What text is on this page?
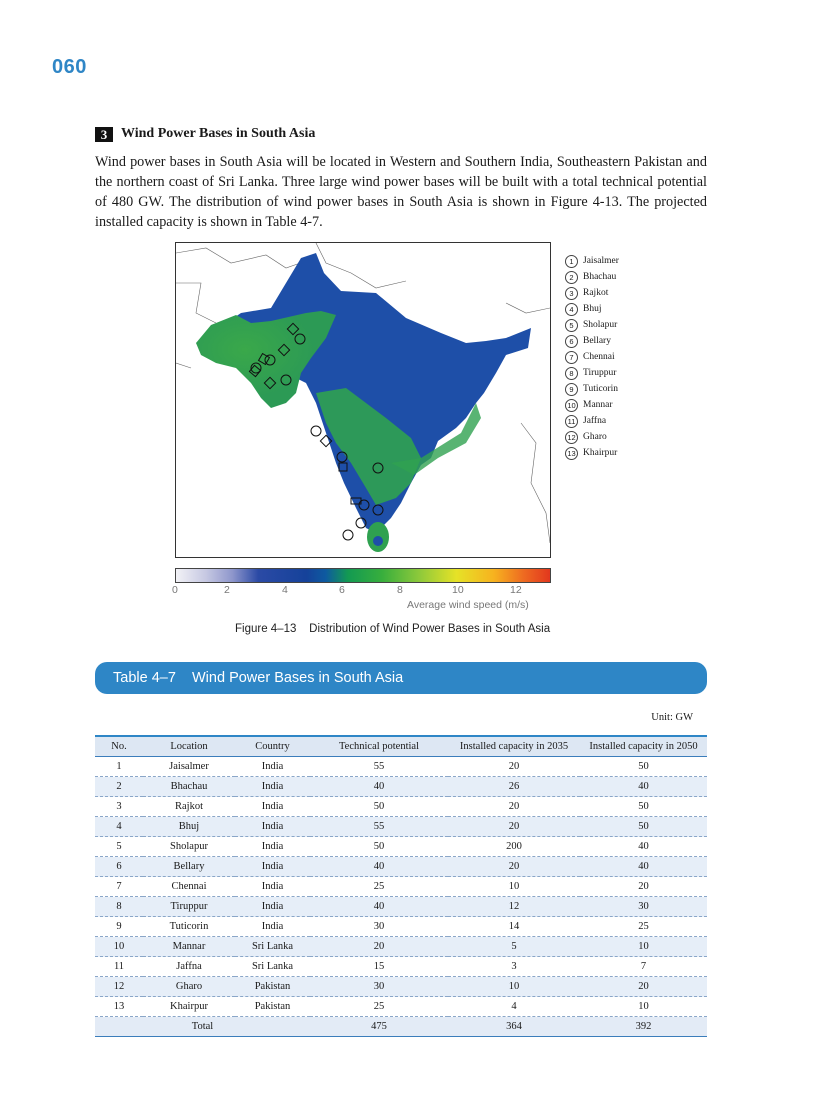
060
3 Wind Power Bases in South Asia

Wind power bases in South Asia will be located in Western and Southern India, Southeastern Pakistan and the northern coast of Sri Lanka. Three large wind power bases will be built with a total technical potential of 480 GW. The distribution of wind power bases in South Asia is shown in Figure 4-13. The projected installed capacity is shown in Table 4-7.

1 Jaisalmer
2 Bhachau
3 Rajkot
4 Bhuj
5 Sholapur
6 Bellary
7 Chennai
8 Tiruppur
9 Tuticorin
10 Mannar
11 Jaffna
12 Gharo
13 Khairpur
0	2	4	6	8	10	12
Average wind speed (m/s)
Figure 4–13    Distribution of Wind Power Bases in South Asia
Table 4–7    Wind Power Bases in South Asia
Unit: GW
No.	Location	Country	Technical potential	Installed capacity in 2035	Installed capacity in 2050
1	Jaisalmer	India	55	20	50
2	Bhachau	India	40	26	40
3	Rajkot	India	50	20	50
4	Bhuj	India	55	20	50
5	Sholapur	India	50	200	40
6	Bellary	India	40	20	40
7	Chennai	India	25	10	20
8	Tiruppur	India	40	12	30
9	Tuticorin	India	30	14	25
10	Mannar	Sri Lanka	20	5	10
11	Jaffna	Sri Lanka	15	3	7
12	Gharo	Pakistan	30	10	20
13	Khairpur	Pakistan	25	4	10
Total			475	364	392
